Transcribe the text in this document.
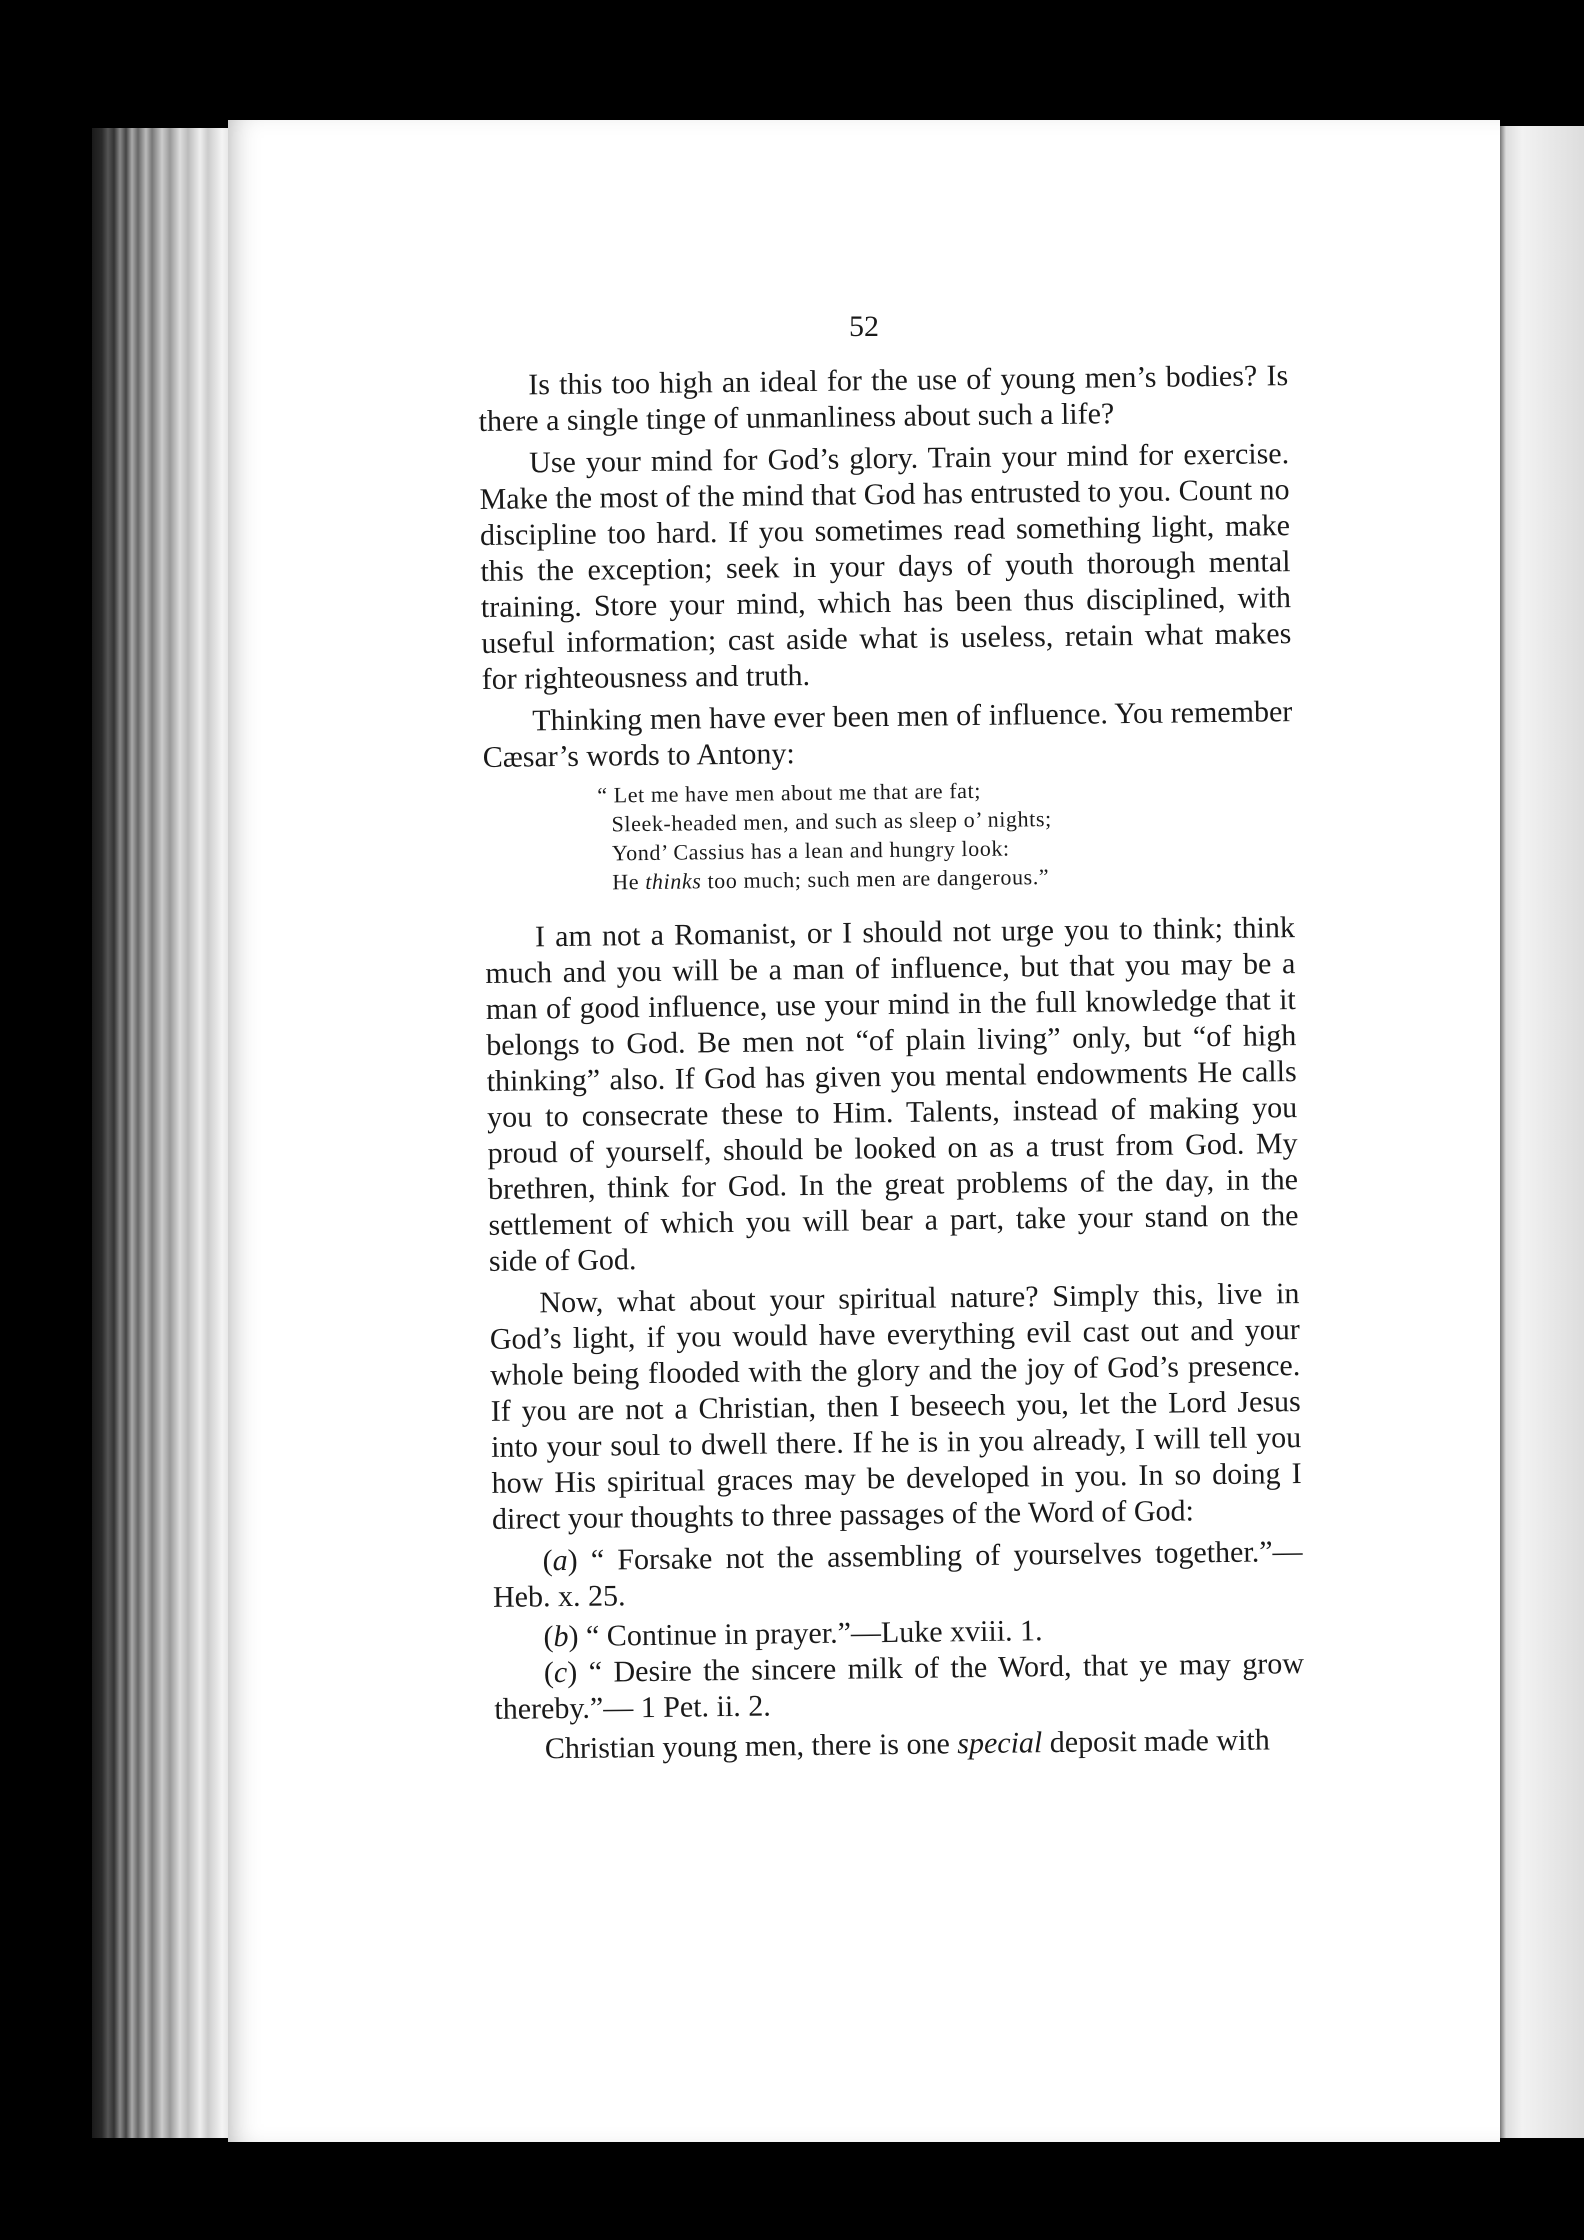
52

Is this too high an ideal for the use of young men’s bodies? Is there a single tinge of unmanliness about such a life?

Use your mind for God’s glory. Train your mind for exercise. Make the most of the mind that God has entrusted to you. Count no discipline too hard. If you sometimes read something light, make this the exception; seek in your days of youth thorough mental training. Store your mind, which has been thus disciplined, with useful information; cast aside what is useless, retain what makes for righteousness and truth.

Thinking men have ever been men of influence. You remember Cæsar’s words to Antony:

“ Let me have men about me that are fat;
Sleek-headed men, and such as sleep o’ nights;
Yond’ Cassius has a lean and hungry look:
He thinks too much; such men are dangerous.”

I am not a Romanist, or I should not urge you to think; think much and you will be a man of influence, but that you may be a man of good influence, use your mind in the full knowledge that it belongs to God. Be men not “of plain living” only, but “of high thinking” also. If God has given you mental endowments He calls you to consecrate these to Him. Talents, instead of making you proud of yourself, should be looked on as a trust from God. My brethren, think for God. In the great problems of the day, in the settlement of which you will bear a part, take your stand on the side of God.

Now, what about your spiritual nature? Simply this, live in God’s light, if you would have everything evil cast out and your whole being flooded with the glory and the joy of God’s presence. If you are not a Christian, then I beseech you, let the Lord Jesus into your soul to dwell there. If he is in you already, I will tell you how His spiritual graces may be developed in you. In so doing I direct your thoughts to three passages of the Word of God:

(a) “ Forsake not the assembling of yourselves together.”—Heb. x. 25.

(b) “ Continue in prayer.”—Luke xviii. 1.

(c) “ Desire the sincere milk of the Word, that ye may grow thereby.”— 1 Pet. ii. 2.

Christian young men, there is one special deposit made with
